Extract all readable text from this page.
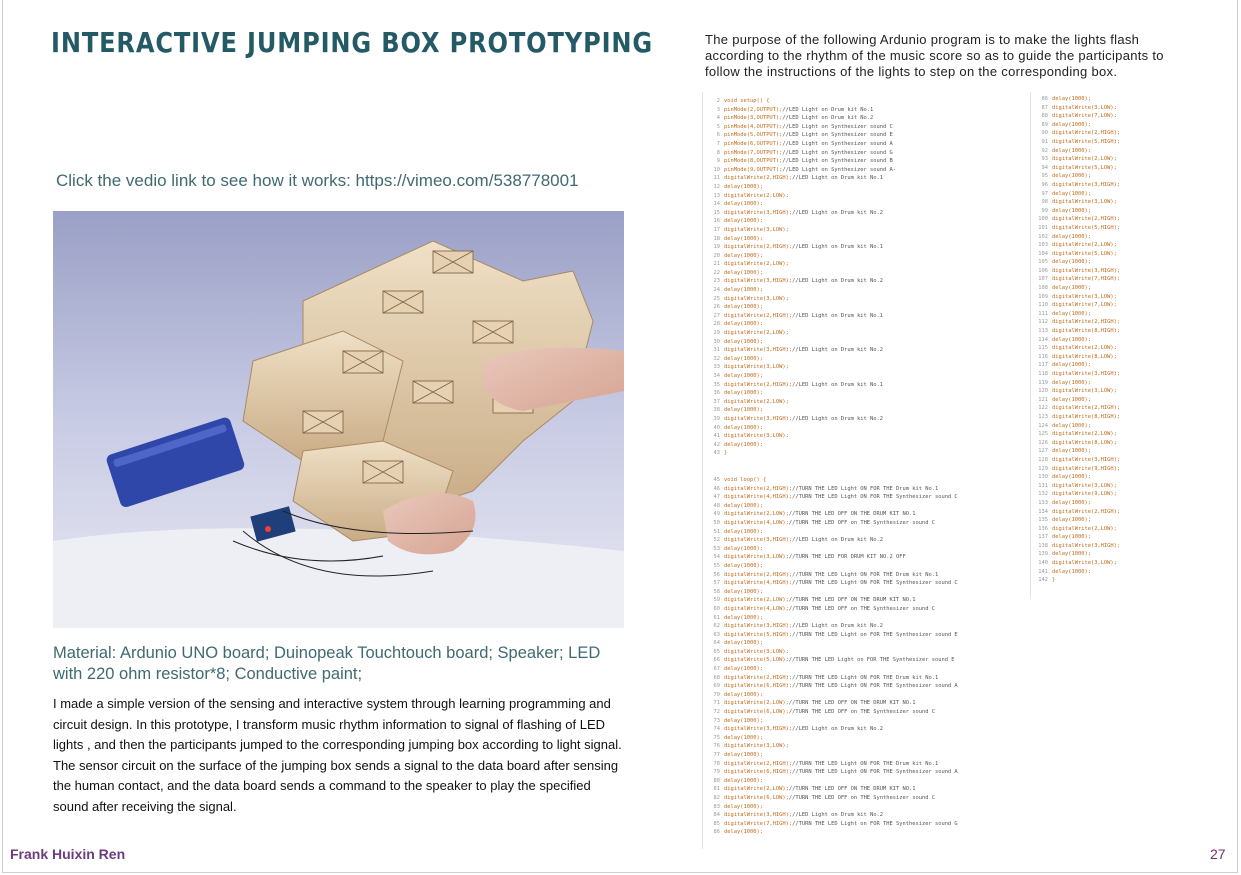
INTERACTIVE JUMPING BOX PROTOTYPING	The purpose of the following Ardunio program is to make the lights flash according to the rhythm of the music score so as to guide the participants to follow the instructions of the lights to step on the corresponding box.
Click the vedio link to see how it works: https://vimeo.com/538778001
Material: Ardunio UNO board; Duinopeak Touchtouch board; Speaker; LED with 220 ohm resistor*8; Conductive paint;
I made a simple version of the sensing and interactive system through learning programming and circuit design. In this prototype, I transform music rhythm information to signal of flashing of LED lights , and then the participants jumped to the corresponding jumping box according to light signal. The sensor circuit on the surface of the jumping box sends a signal to the data board after sensing the human contact, and the data board sends a command to the speaker to play the specified sound after receiving the signal.
2 void setup() {
3 pinMode(2,OUTPUT);//LED Light on Drum kit No.1
4 pinMode(3,OUTPUT);//LED Light on Drum kit No.2
5 pinMode(4,OUTPUT);//LED Light on Synthesizer sound C
6 pinMode(5,OUTPUT);//LED Light on Synthesizer sound E
7 pinMode(6,OUTPUT);//LED Light on Synthesizer sound A
8 pinMode(7,OUTPUT);//LED Light on Synthesizer sound G
9 pinMode(8,OUTPUT);//LED Light on Synthesizer sound B
10 pinMode(9,OUTPUT);//LED Light on Synthesizer sound A-
11 digitalWrite(2,HIGH);//LED Light on Drum kit No.1
12 delay(1000);
13 digitalWrite(2,LOW);
14 delay(1000);
15 digitalWrite(3,HIGH);//LED Light on Drum kit No.2
16 delay(1000);
17 digitalWrite(3,LOW);
18 delay(1000);
19 digitalWrite(2,HIGH);//LED Light on Drum kit No.1
20 delay(1000);
21 digitalWrite(2,LOW);
22 delay(1000);
23 digitalWrite(3,HIGH);//LED Light on Drum kit No.2
24 delay(1000);
25 digitalWrite(3,LOW);
26 delay(1000);
27 digitalWrite(2,HIGH);//LED Light on Drum kit No.1
28 delay(1000);
29 digitalWrite(2,LOW);
30 delay(1000);
31 digitalWrite(3,HIGH);//LED Light on Drum kit No.2
32 delay(1000);
33 digitalWrite(3,LOW);
34 delay(1000);
35 digitalWrite(2,HIGH);//LED Light on Drum kit No.1
36 delay(1000);
37 digitalWrite(2,LOW);
38 delay(1000);
39 digitalWrite(3,HIGH);//LED Light on Drum kit No.2
40 delay(1000);
41 digitalWrite(3,LOW);
42 delay(1000);
43 }
45 void loop() {
46 digitalWrite(2,HIGH);//TURN THE LED Light ON FOR THE Drum kit No.1
47 digitalWrite(4,HIGH);//TURN THE LED Light ON FOR THE Synthesizer sound C
48 delay(1000);
49 digitalWrite(2,LOW);//TURN THE LED OFF ON THE DRUM KIT NO.1
50 digitalWrite(4,LOW);//TURN THE LED OFF on THE Synthesizer sound C
51 delay(1000);
52 digitalWrite(3,HIGH);//LED Light on Drum kit No.2
53 delay(1000);
54 digitalWrite(3,LOW);//TURN THE LED FOR DRUM KIT NO.2 OFF
55 delay(1000);
56 digitalWrite(2,HIGH);//TURN THE LED Light ON FOR THE Drum kit No.1
57 digitalWrite(4,HIGH);//TURN THE LED Light ON FOR THE Synthesizer sound C
58 delay(1000);
59 digitalWrite(2,LOW);//TURN THE LED OFF ON THE DRUM KIT NO.1
60 digitalWrite(4,LOW);//TURN THE LED OFF on THE Synthesizer sound C
61 delay(1000);
62 digitalWrite(3,HIGH);//LED Light on Drum kit No.2
63 digitalWrite(5,HIGH);//TURN THE LED Light on FOR THE Synthesizer sound E
64 delay(1000);
65 digitalWrite(3,LOW);
66 digitalWrite(5,LOW);//TURN THE LED Light on FOR THE Synthesizer sound E
67 delay(1000);
68 digitalWrite(2,HIGH);//TURN THE LED Light ON FOR THE Drum kit No.1
69 digitalWrite(6,HIGH);//TURN THE LED Light ON FOR THE Synthesizer sound A
70 delay(1000);
71 digitalWrite(2,LOW);//TURN THE LED OFF ON THE DRUM KIT NO.1
72 digitalWrite(6,LOW);//TURN THE LED OFF on THE Synthesizer sound C
73 delay(1000);
74 digitalWrite(3,HIGH);//LED Light on Drum kit No.2
75 delay(1000);
76 digitalWrite(3,LOW);
77 delay(1000);
78 digitalWrite(2,HIGH);//TURN THE LED Light ON FOR THE Drum kit No.1
79 digitalWrite(6,HIGH);//TURN THE LED Light ON FOR THE Synthesizer sound A
80 delay(1000);
81 digitalWrite(2,LOW);//TURN THE LED OFF ON THE DRUM KIT NO.1
82 digitalWrite(6,LOW);//TURN THE LED OFF on THE Synthesizer sound C
83 delay(1000);
84 digitalWrite(3,HIGH);//LED Light on Drum kit No.2
85 digitalWrite(7,HIGH);//TURN THE LED Light on FOR THE Synthesizer sound G
86 delay(1000);
86 delay(1000);
87 digitalWrite(3,LOW);
88 digitalWrite(7,LOW);
89 delay(1000);
90 digitalWrite(2,HIGH);
91 digitalWrite(5,HIGH);
92 delay(1000);
93 digitalWrite(2,LOW);
94 digitalWrite(5,LOW);
95 delay(1000);
96 digitalWrite(3,HIGH);
97 delay(1000);
98 digitalWrite(3,LOW);
99 delay(1000);
100 digitalWrite(2,HIGH);
101 digitalWrite(5,HIGH);
102 delay(1000);
103 digitalWrite(2,LOW);
104 digitalWrite(5,LOW);
105 delay(1000);
106 digitalWrite(3,HIGH);
107 digitalWrite(7,HIGH);
108 delay(1000);
109 digitalWrite(3,LOW);
110 digitalWrite(7,LOW);
111 delay(1000);
112 digitalWrite(2,HIGH);
113 digitalWrite(8,HIGH);
114 delay(1000);
115 digitalWrite(2,LOW);
116 digitalWrite(8,LOW);
117 delay(1000);
118 digitalWrite(3,HIGH);
119 delay(1000);
120 digitalWrite(3,LOW);
121 delay(1000);
122 digitalWrite(2,HIGH);
123 digitalWrite(8,HIGH);
124 delay(1000);
125 digitalWrite(2,LOW);
126 digitalWrite(8,LOW);
127 delay(1000);
128 digitalWrite(3,HIGH);
129 digitalWrite(9,HIGH);
130 delay(1000);
131 digitalWrite(3,LOW);
132 digitalWrite(9,LOW);
133 delay(1000);
134 digitalWrite(2,HIGH);
135 delay(1000);
136 digitalWrite(2,LOW);
137 delay(1000);
138 digitalWrite(3,HIGH);
139 delay(1000);
140 digitalWrite(3,LOW);
141 delay(1000);
142 }
Frank Huixin Ren	27
